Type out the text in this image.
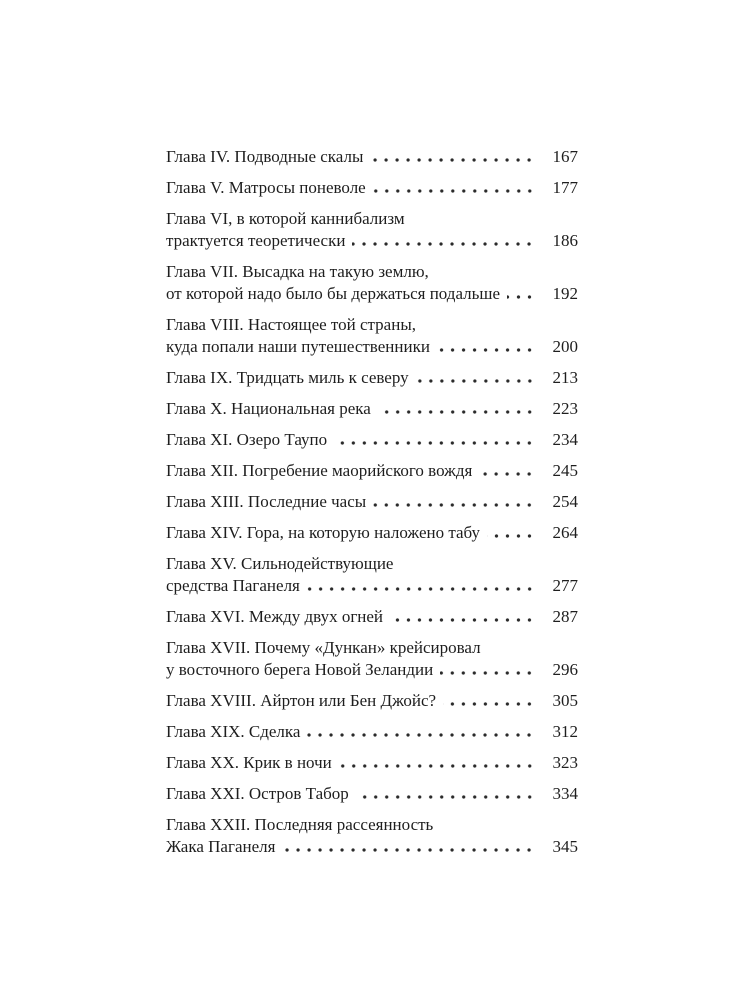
Глава IV. Подводные скалы	167
Глава V. Матросы поневоле	177
Глава VI, в которой каннибализм
трактуется теоретически	186
Глава VII. Высадка на такую землю,
от которой надо было бы держаться подальше	192
Глава VIII. Настоящее той страны,
куда попали наши путешественники	200
Глава IX. Тридцать миль к северу	213
Глава X. Национальная река	223
Глава XI. Озеро Таупо	234
Глава XII. Погребение маорийского вождя	245
Глава XIII. Последние часы	254
Глава XIV. Гора, на которую наложено табу	264
Глава XV. Сильнодействующие
средства Паганеля	277
Глава XVI. Между двух огней	287
Глава XVII. Почему «Дункан» крейсировал
у восточного берега Новой Зеландии	296
Глава XVIII. Айртон или Бен Джойс?	305
Глава XIX. Сделка	312
Глава XX. Крик в ночи	323
Глава XXI. Остров Табор	334
Глава XXII. Последняя рассеянность
Жака Паганеля	345
